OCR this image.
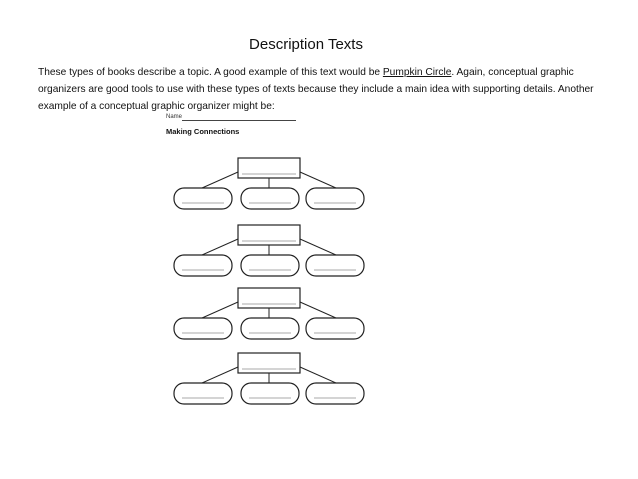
Description Texts
These types of books describe a topic. A good example of this text would be Pumpkin Circle. Again, conceptual graphic organizers are good tools to use with these types of texts because they include a main idea with supporting details. Another example of a conceptual graphic organizer might be:
Name
Making Connections
